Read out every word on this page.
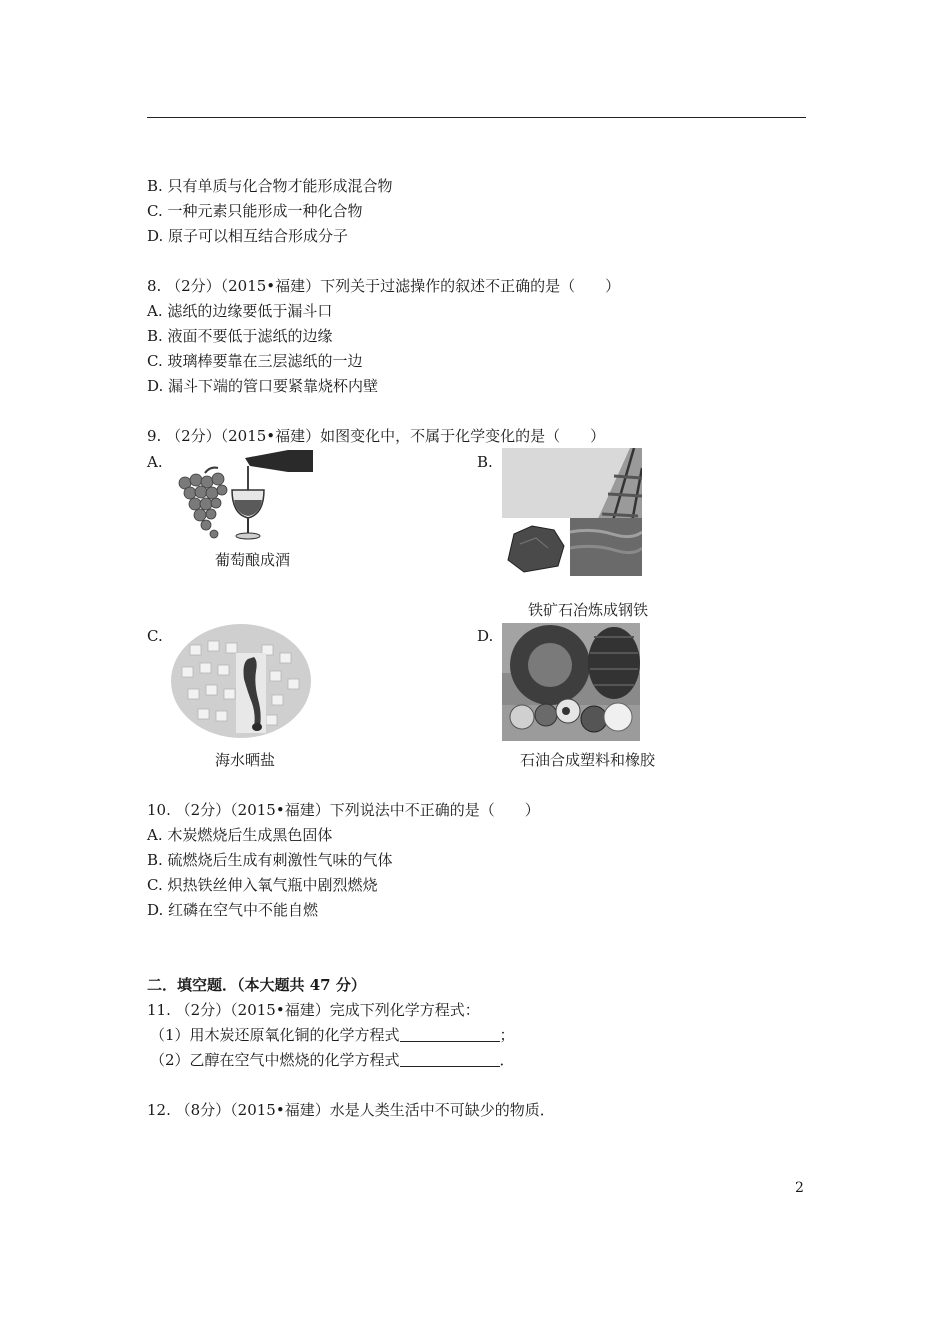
B. 只有单质与化合物才能形成混合物
C. 一种元素只能形成一种化合物
D. 原子可以相互结合形成分子
8. （2分）（2015•福建）下列关于过滤操作的叙述不正确的是（　　）
A. 滤纸的边缘要低于漏斗口
B. 液面不要低于滤纸的边缘
C. 玻璃棒要靠在三层滤纸的一边
D. 漏斗下端的管口要紧靠烧杯内壁
9. （2分）（2015•福建）如图变化中，不属于化学变化的是（　　）
A.
葡萄酿成酒
B.
铁矿石冶炼成钢铁
C.
海水晒盐
D.
石油合成塑料和橡胶
10. （2分）（2015•福建）下列说法中不正确的是（　　）
A. 木炭燃烧后生成黑色固体
B. 硫燃烧后生成有刺激性气味的气体
C. 炽热铁丝伸入氧气瓶中剧烈燃烧
D. 红磷在空气中不能自燃
二．填空题．（本大题共 47 分）
11. （2分）（2015•福建）完成下列化学方程式：
（1）用木炭还原氧化铜的化学方程式	；
（2）乙醇在空气中燃烧的化学方程式	．
12. （8分）（2015•福建）水是人类生活中不可缺少的物质．
2
